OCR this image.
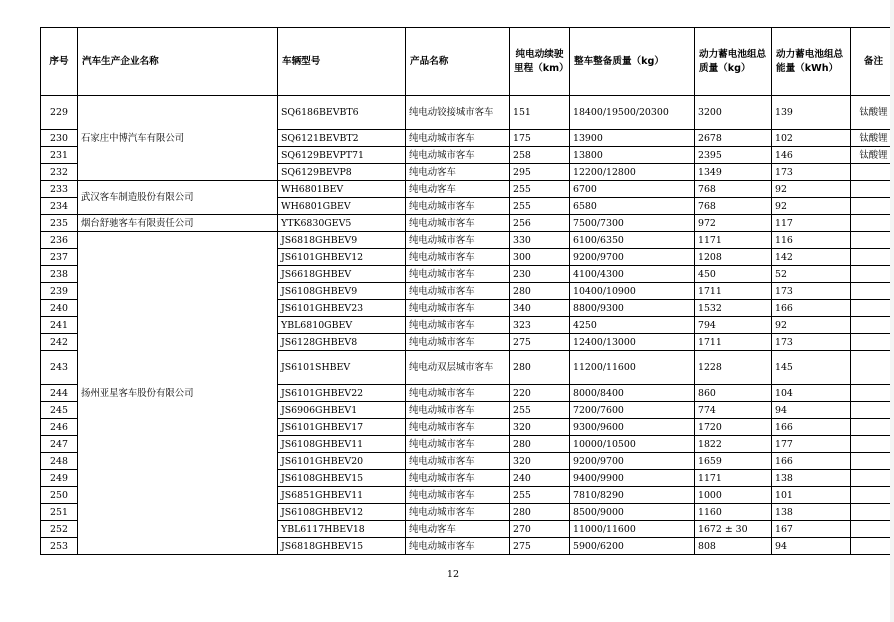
序号	汽车生产企业名称	车辆型号	产品名称	纯电动续驶里程（km）	整车整备质量（kg）	动力蓄电池组总质量（kg）	动力蓄电池组总能量（kWh）	备注
229	石家庄中博汽车有限公司	SQ6186BEVBT6	纯电动铰接城市客车	151	18400/19500/20300	3200	139	钛酸锂
230		SQ6121BEVBT2	纯电动城市客车	175	13900	2678	102	钛酸锂
231		SQ6129BEVPT71	纯电动城市客车	258	13800	2395	146	钛酸锂
232		SQ6129BEVP8	纯电动客车	295	12200/12800	1349	173	
233	武汉客车制造股份有限公司	WH6801BEV	纯电动客车	255	6700	768	92	
234		WH6801GBEV	纯电动城市客车	255	6580	768	92	
235	烟台舒驰客车有限责任公司	YTK6830GEV5	纯电动城市客车	256	7500/7300	972	117	
236	扬州亚星客车股份有限公司	JS6818GHBEV9	纯电动城市客车	330	6100/6350	1171	116	
237		JS6101GHBEV12	纯电动城市客车	300	9200/9700	1208	142	
238		JS6618GHBEV	纯电动城市客车	230	4100/4300	450	52	
239		JS6108GHBEV9	纯电动城市客车	280	10400/10900	1711	173	
240		JS6101GHBEV23	纯电动城市客车	340	8800/9300	1532	166	
241		YBL6810GBEV	纯电动城市客车	323	4250	794	92	
242		JS6128GHBEV8	纯电动城市客车	275	12400/13000	1711	173	
243		JS6101SHBEV	纯电动双层城市客车	280	11200/11600	1228	145	
244		JS6101GHBEV22	纯电动城市客车	220	8000/8400	860	104	
245		JS6906GHBEV1	纯电动城市客车	255	7200/7600	774	94	
246		JS6101GHBEV17	纯电动城市客车	320	9300/9600	1720	166	
247		JS6108GHBEV11	纯电动城市客车	280	10000/10500	1822	177	
248		JS6101GHBEV20	纯电动城市客车	320	9200/9700	1659	166	
249		JS6108GHBEV15	纯电动城市客车	240	9400/9900	1171	138	
250		JS6851GHBEV11	纯电动城市客车	255	7810/8290	1000	101	
251		JS6108GHBEV12	纯电动城市客车	280	8500/9000	1160	138	
252		YBL6117HBEV18	纯电动客车	270	11000/11600	1672 ± 30	167	
253		JS6818GHBEV15	纯电动城市客车	275	5900/6200	808	94	
12
